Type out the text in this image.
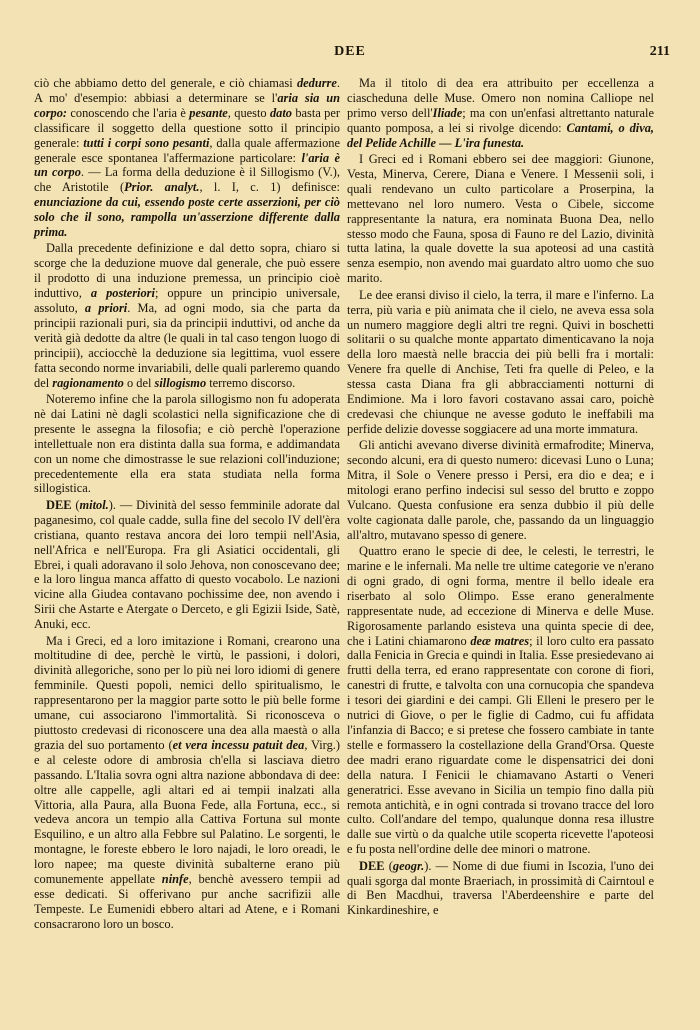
DEE	211

ciò che abbiamo detto del generale, e ciò chiamasi dedurre. A mo' d'esempio: abbiasi a determinare se l'aria sia un corpo: conoscendo che l'aria è pesante, questo dato basta per classificare il soggetto della questione sotto il principio generale: tutti i corpi sono pesanti, dalla quale affermazione generale esce spontanea l'affermazione particolare: l'aria è un corpo. — La forma della deduzione è il Sillogismo (V.), che Aristotile (Prior. analyt., l. I, c. 1) definisce: enunciazione da cui, essendo poste certe asserzioni, per ciò solo che il sono, rampolla un'asserzione differente dalla prima.

Dalla precedente definizione e dal detto sopra, chiaro si scorge che la deduzione muove dal generale, che può essere il prodotto di una induzione premessa, un principio cioè induttivo, a posteriori; oppure un principio universale, assoluto, a priori. Ma, ad ogni modo, sia che parta da principii razionali puri, sia da principii induttivi, od anche da verità già dedotte da altre (le quali in tal caso tengon luogo di principii), acciocchè la deduzione sia legittima, vuol essere fatta secondo norme invariabili, delle quali parleremo quando del ragionamento o del sillogismo terremo discorso.

Noteremo infine che la parola sillogismo non fu adoperata nè dai Latini nè dagli scolastici nella significazione che di presente le assegna la filosofia; e ciò perchè l'operazione intellettuale non era distinta dalla sua forma, e addimandata con un nome che dimostrasse le sue relazioni coll'induzione; precedentemente ella era stata studiata nella forma sillogistica.

DEE (mitol.). — Divinità del sesso femminile adorate dal paganesimo, col quale cadde, sulla fine del secolo IV dell'èra cristiana, quanto restava ancora dei loro tempii nell'Asia, nell'Africa e nell'Europa. Fra gli Asiatici occidentali, gli Ebrei, i quali adoravano il solo Jehova, non conoscevano dee; e la loro lingua manca affatto di questo vocabolo. Le nazioni vicine alla Giudea contavano pochissime dee, non avendo i Sirii che Astarte e Atergate o Derceto, e gli Egizii Iside, Satè, Anuki, ecc.

Ma i Greci, ed a loro imitazione i Romani, crearono una moltitudine di dee, perchè le virtù, le passioni, i dolori, divinità allegoriche, sono per lo più nei loro idiomi di genere femminile. Questi popoli, nemici dello spiritualismo, le rappresentarono per la maggior parte sotto le più belle forme umane, cui associarono l'immortalità. Si riconosceva o piuttosto credevasi di riconoscere una dea alla maestà o alla grazia del suo portamento (et vera incessu patuit dea, Virg.) e al celeste odore di ambrosia ch'ella si lasciava dietro passando. L'Italia sovra ogni altra nazione abbondava di dee: oltre alle cappelle, agli altari ed ai tempii inalzati alla Vittoria, alla Paura, alla Buona Fede, alla Fortuna, ecc., si vedeva ancora un tempio alla Cattiva Fortuna sul monte Esquilino, e un altro alla Febbre sul Palatino. Le sorgenti, le montagne, le foreste ebbero le loro najadi, le loro oreadi, le loro napee; ma queste divinità subalterne erano più comunemente appellate ninfe, benchè avessero tempii ad esse dedicati. Si offerivano pur anche sacrifizii alle Tempeste. Le Eumenidi ebbero altari ad Atene, e i Romani consacrarono loro un bosco.

Ma il titolo di dea era attribuito per eccellenza a ciascheduna delle Muse. Omero non nomina Calliope nel primo verso dell'Iliade; ma con un'enfasi altrettanto naturale quanto pomposa, a lei si rivolge dicendo: Cantami, o diva, del Pelide Achille — L'ira funesta.

I Greci ed i Romani ebbero sei dee maggiori: Giunone, Vesta, Minerva, Cerere, Diana e Venere. I Messenii soli, i quali rendevano un culto particolare a Proserpina, la mettevano nel loro numero. Vesta o Cibele, siccome rappresentante la natura, era nominata Buona Dea, nello stesso modo che Fauna, sposa di Fauno re del Lazio, divinità tutta latina, la quale dovette la sua apoteosi ad una castità senza esempio, non avendo mai guardato altro uomo che suo marito.

Le dee eransi diviso il cielo, la terra, il mare e l'inferno. La terra, più varia e più animata che il cielo, ne aveva essa sola un numero maggiore degli altri tre regni. Quivi in boschetti solitarii o su qualche monte appartato dimenticavano la noja della loro maestà nelle braccia dei più belli fra i mortali: Venere fra quelle di Anchise, Teti fra quelle di Peleo, e la stessa casta Diana fra gli abbracciamenti notturni di Endimione. Ma i loro favori costavano assai caro, poichè credevasi che chiunque ne avesse goduto le ineffabili ma perfide delizie dovesse soggiacere ad una morte immatura.

Gli antichi avevano diverse divinità ermafrodite; Minerva, secondo alcuni, era di questo numero: dicevasi Luno o Luna; Mitra, il Sole o Venere presso i Persi, era dio e dea; e i mitologi erano perfino indecisi sul sesso del brutto e zoppo Vulcano. Questa confusione era senza dubbio il più delle volte cagionata dalle parole, che, passando da un linguaggio all'altro, mutavano spesso di genere.

Quattro erano le specie di dee, le celesti, le terrestri, le marine e le infernali. Ma nelle tre ultime categorie ve n'erano di ogni grado, di ogni forma, mentre il bello ideale era riserbato al solo Olimpo. Esse erano generalmente rappresentate nude, ad eccezione di Minerva e delle Muse. Rigorosamente parlando esisteva una quinta specie di dee, che i Latini chiamarono deæ matres; il loro culto era passato dalla Fenicia in Grecia e quindi in Italia. Esse presiedevano ai frutti della terra, ed erano rappresentate con corone di fiori, canestri di frutte, e talvolta con una cornucopia che spandeva i tesori dei giardini e dei campi. Gli Elleni le presero per le nutrici di Giove, o per le figlie di Cadmo, cui fu affidata l'infanzia di Bacco; e si pretese che fossero cambiate in tante stelle e formassero la costellazione della Grand'Orsa. Queste dee madri erano riguardate come le dispensatrici dei doni della natura. I Fenicii le chiamavano Astarti o Veneri generatrici. Esse avevano in Sicilia un tempio fino dalla più remota antichità, e in ogni contrada si trovano tracce del loro culto. Coll'andare del tempo, qualunque donna resa illustre dalle sue virtù o da qualche utile scoperta ricevette l'apoteosi e fu posta nell'ordine delle dee minori o matrone.

DEE (geogr.). — Nome di due fiumi in Iscozia, l'uno dei quali sgorga dal monte Braeriach, in prossimità di Cairntoul e di Ben Macdhui, traversa l'Aberdeenshire e parte del Kinkardineshire, e
